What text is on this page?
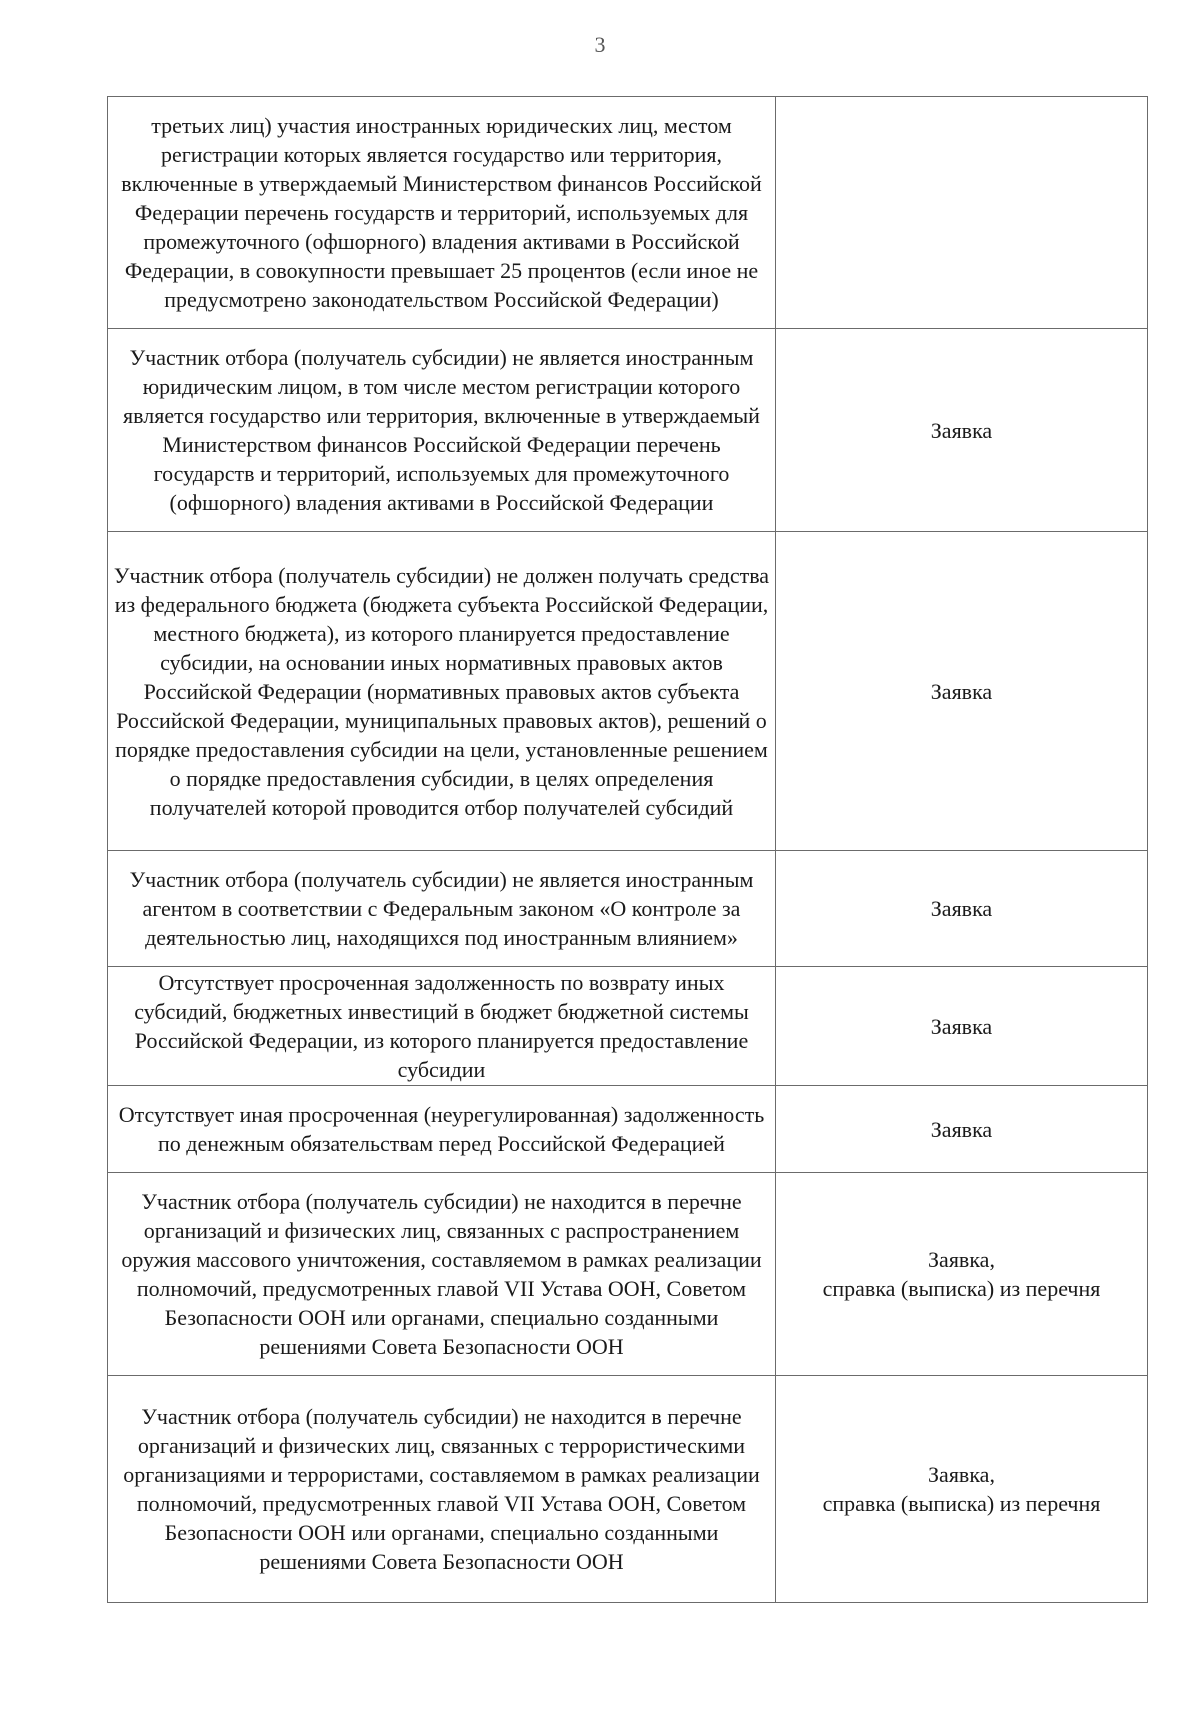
3
третьих лиц) участия иностранных юридических лиц, местом регистрации которых является государство или территория, включенные в утверждаемый Министерством финансов Российской Федерации перечень государств и территорий, используемых для промежуточного (офшорного) владения активами в Российской Федерации, в совокупности превышает 25 процентов (если иное не предусмотрено законодательством Российской Федерации)	
Участник отбора (получатель субсидии) не является иностранным юридическим лицом, в том числе местом регистрации которого является государство или территория, включенные в утверждаемый Министерством финансов Российской Федерации перечень государств и территорий, используемых для промежуточного (офшорного) владения активами в Российской Федерации	Заявка
Участник отбора (получатель субсидии) не должен получать средства из федерального бюджета (бюджета субъекта Российской Федерации, местного бюджета), из которого планируется предоставление субсидии, на основании иных нормативных правовых актов Российской Федерации (нормативных правовых актов субъекта Российской Федерации, муниципальных правовых актов), решений о порядке предоставления субсидии на цели, установленные решением о порядке предоставления субсидии, в целях определения получателей которой проводится отбор получателей субсидий	Заявка
Участник отбора (получатель субсидии) не является иностранным агентом в соответствии с Федеральным законом «О контроле за деятельностью лиц, находящихся под иностранным влиянием»	Заявка
Отсутствует просроченная задолженность по возврату иных субсидий, бюджетных инвестиций в бюджет бюджетной системы Российской Федерации, из которого планируется предоставление субсидии	Заявка
Отсутствует иная просроченная (неурегулированная) задолженность по денежным обязательствам перед Российской Федерацией	Заявка
Участник отбора (получатель субсидии) не находится в перечне организаций и физических лиц, связанных с распространением оружия массового уничтожения, составляемом в рамках реализации полномочий, предусмотренных главой VII Устава ООН, Советом Безопасности ООН или органами, специально созданными решениями Совета Безопасности ООН	Заявка,
справка (выписка) из перечня
Участник отбора (получатель субсидии) не находится в перечне организаций и физических лиц, связанных с террористическими организациями и террористами, составляемом в рамках реализации полномочий, предусмотренных главой VII Устава ООН, Советом Безопасности ООН или органами, специально созданными решениями Совета Безопасности ООН	Заявка,
справка (выписка) из перечня
